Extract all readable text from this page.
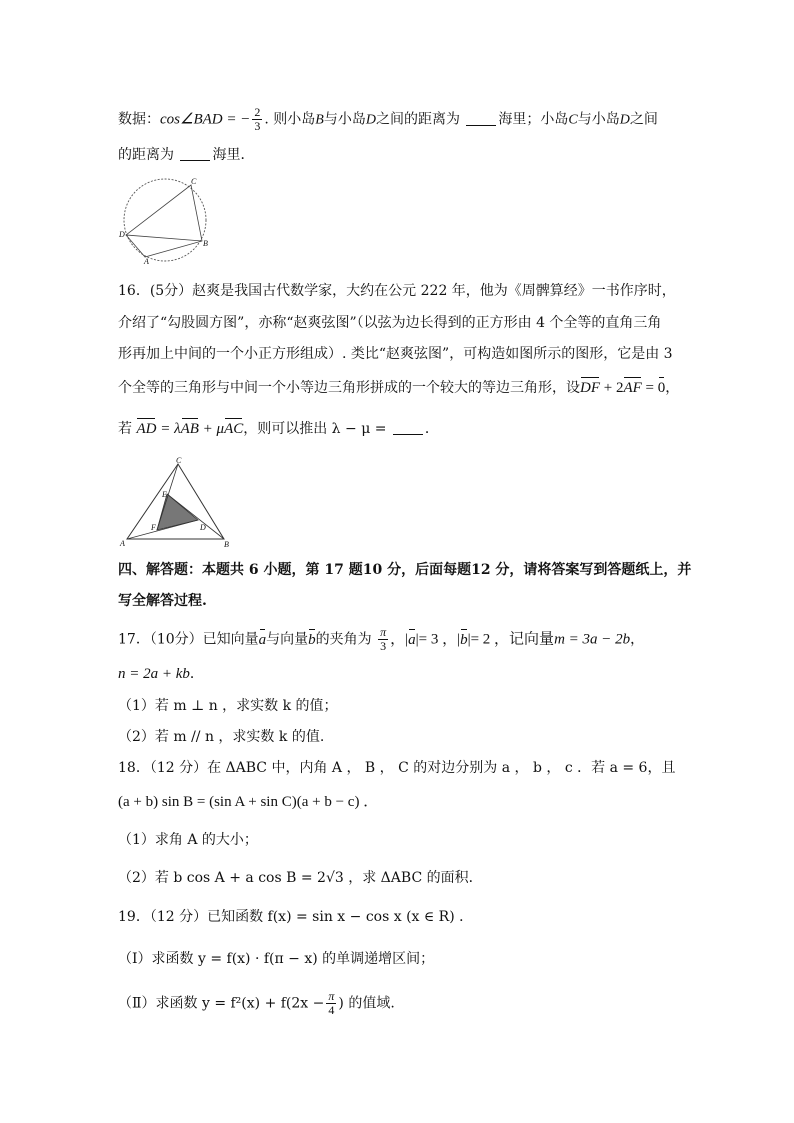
数据：cos∠BAD = − $\frac{2}{3}$ . 则小岛B与小岛D之间的距离为	海里；小岛C与小岛D之间
的距离为	海里．
C
D
B
A
16．(5分）赵爽是我国古代数学家，大约在公元 222 年，他为《周髀算经》一书作序时，
介绍了“勾股圆方图”，亦称“赵爽弦图”（以弦为边长得到的正方形由 4 个全等的直角三角
形再加上中间的一个小正方形组成）. 类比“赵爽弦图”，可构造如图所示的图形，它是由 3
个全等的三角形与中间一个小等边三角形拼成的一个较大的等边三角形，设DF + 2AF = 0，
若 AD = λAB + μAC，则可以推出 λ − μ = ．
C
E
F	D
A	B
四、解答题：本题共 6 小题，第 17 题10 分，后面每题12 分，请将答案写到答题纸上，并
写全解答过程.
17．（10分）已知向量a与向量b的夹角为 $\frac{\pi}{3}$ ，|a|= 3 ，|b|= 2 ，记向量m = 3a − 2b，
n = 2a + kb．
（1）若 m ⊥ n ，求实数 k 的值；
（2）若 m // n ，求实数 k 的值.
18．（12 分）在 ΔABC 中，内角 A ， B ， C 的对边分别为 a ， b ， c ．若 a = 6，且
(a + b) sin B = (sin A + sin C)(a + b − c) ．
（1）求角 A 的大小；
（2）若 b cos A + a cos B = 2√3 ，求 ΔABC 的面积．
19．（12 分）已知函数 f(x) = sin x − cos x (x ∈ R) ．
（Ⅰ）求函数 y = f(x) · f(π − x) 的单调递增区间；
（Ⅱ）求函数 $y = f^2(x) + f(2x - \frac{\pi}{4}$ ) 的值域.
